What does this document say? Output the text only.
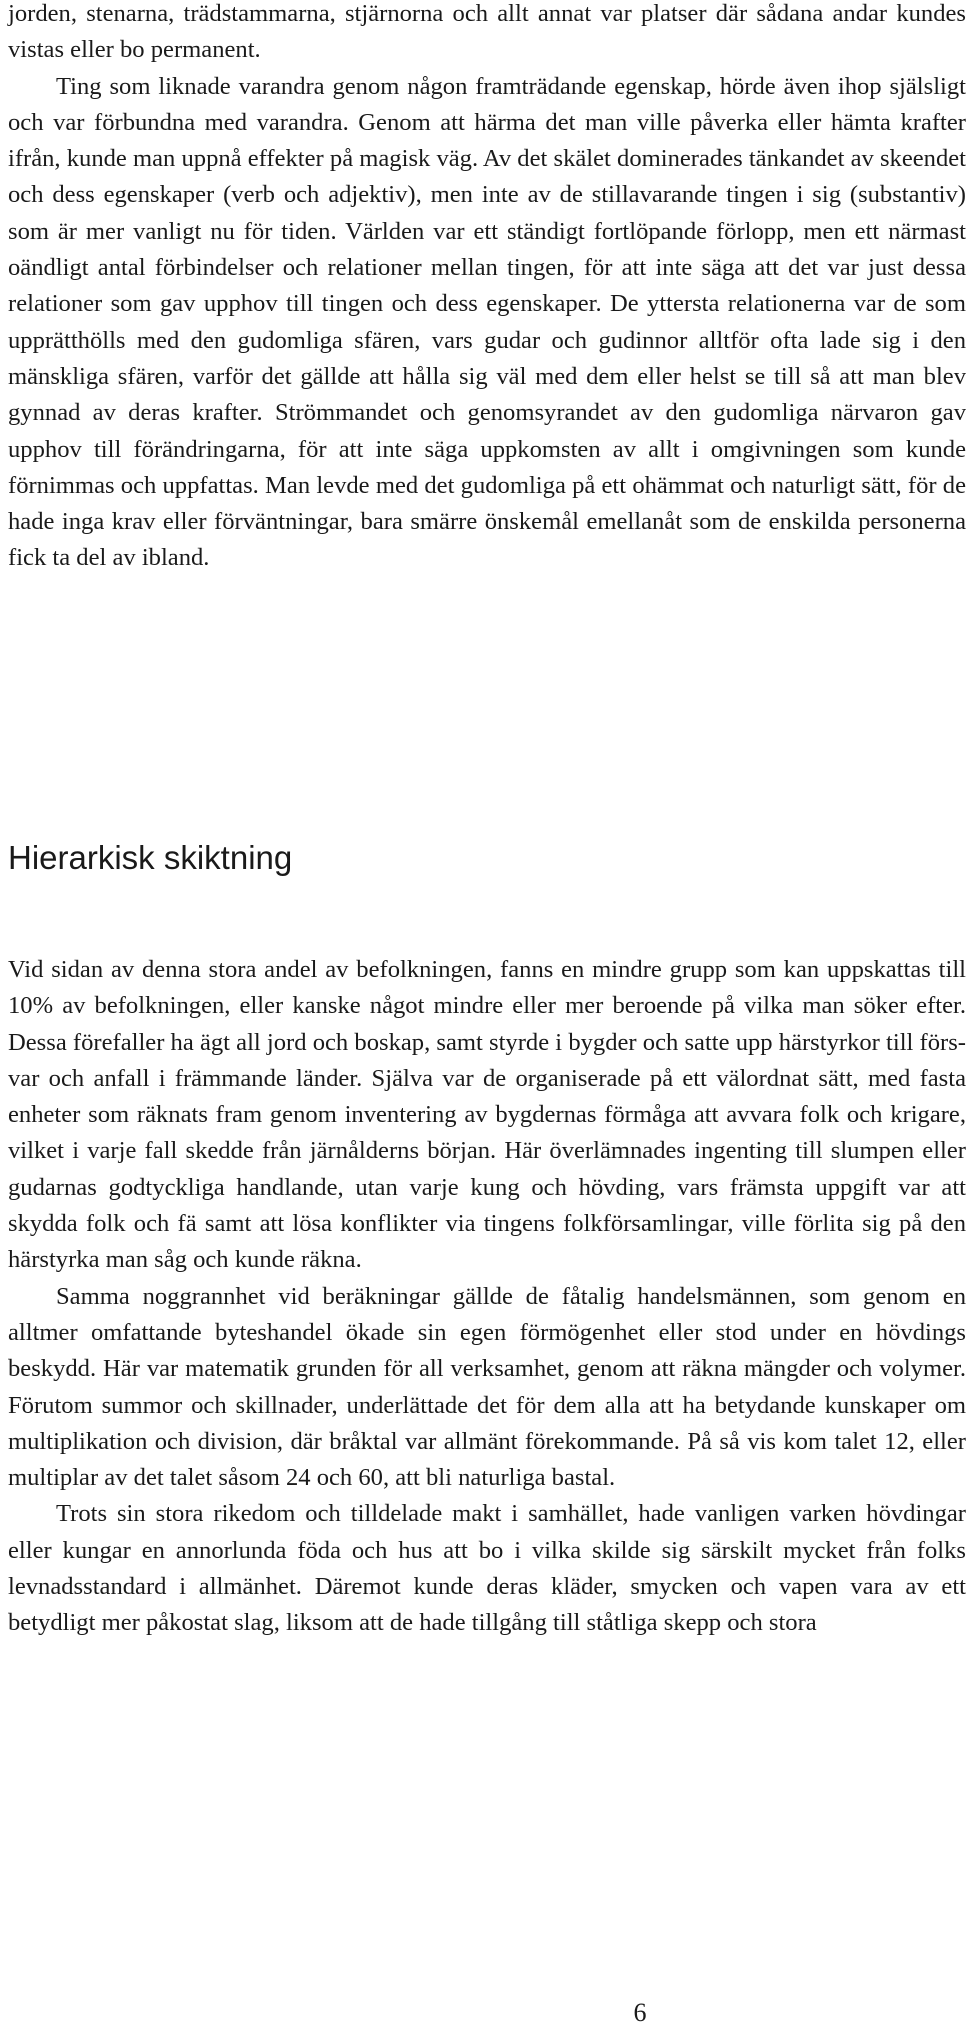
jorden, stenarna, trädstammarna, stjärnorna och allt annat var platser där sådana andar kundes vistas eller bo permanent.

Ting som liknade varandra genom någon framträdande egenskap, hörde även ihop själsligt och var förbundna med varandra. Genom att härma det man ville påverka eller hämta krafter ifrån, kunde man uppnå effekter på magisk väg. Av det skälet dominerades tänkandet av skeendet och dess egenskaper (verb och adjektiv), men inte av de stillavarande tingen i sig (substantiv) som är mer vanligt nu för tiden. Världen var ett ständigt fortlöpande förlopp, men ett närmast oändligt antal förbindelser och relationer mellan tingen, för att inte säga att det var just dessa relationer som gav upphov till tingen och dess egenskaper. De yttersta relationerna var de som upprätthölls med den gudomliga sfären, vars gudar och gudinnor alltför ofta lade sig i den mänskliga sfären, varför det gällde att hålla sig väl med dem eller helst se till så att man blev gynnad av deras krafter. Strömmandet och genomsyrandet av den gudomliga närvaron gav upphov till förändringarna, för att inte säga uppkomsten av allt i omgivningen som kunde förnimmas och uppfattas. Man levde med det gudomliga på ett ohämmat och naturligt sätt, för de hade inga krav eller förväntningar, bara smärre önskemål emellanåt som de enskilda personerna fick ta del av ibland.

Hierarkisk skiktning

Vid sidan av denna stora andel av befolkningen, fanns en mindre grupp som kan uppskattas till 10% av befolkningen, eller kanske något mindre eller mer beroende på vilka man söker efter. Dessa förefaller ha ägt all jord och boskap, samt styrde i bygder och satte upp härstyrkor till försvar och anfall i främmande länder. Själva var de organiserade på ett välordnat sätt, med fasta enheter som räknats fram genom inventering av bygdernas förmåga att avvara folk och krigare, vilket i varje fall skedde från järnålderns början. Här överlämnades ingenting till slumpen eller gudarnas godtyckliga handlande, utan varje kung och hövding, vars främsta uppgift var att skydda folk och fä samt att lösa konflikter via tingens folkförsamlingar, ville förlita sig på den härstyrka man såg och kunde räkna.

Samma noggrannhet vid beräkningar gällde de fåtalig handelsmännen, som genom en alltmer omfattande byteshandel ökade sin egen förmögenhet eller stod under en hövdings beskydd. Här var matematik grunden för all verksamhet, genom att räkna mängder och volymer. Förutom summor och skillnader, underlättade det för dem alla att ha betydande kunskaper om multiplikation och division, där bråktal var allmänt förekommande. På så vis kom talet 12, eller multiplar av det talet såsom 24 och 60, att bli naturliga bastal.

Trots sin stora rikedom och tilldelade makt i samhället, hade vanligen varken hövdingar eller kungar en annorlunda föda och hus att bo i vilka skilde sig särskilt mycket från folks levnadsstandard i allmänhet. Däremot kunde deras kläder, smycken och vapen vara av ett betydligt mer påkostat slag, liksom att de hade tillgång till ståtliga skepp och stora

6
